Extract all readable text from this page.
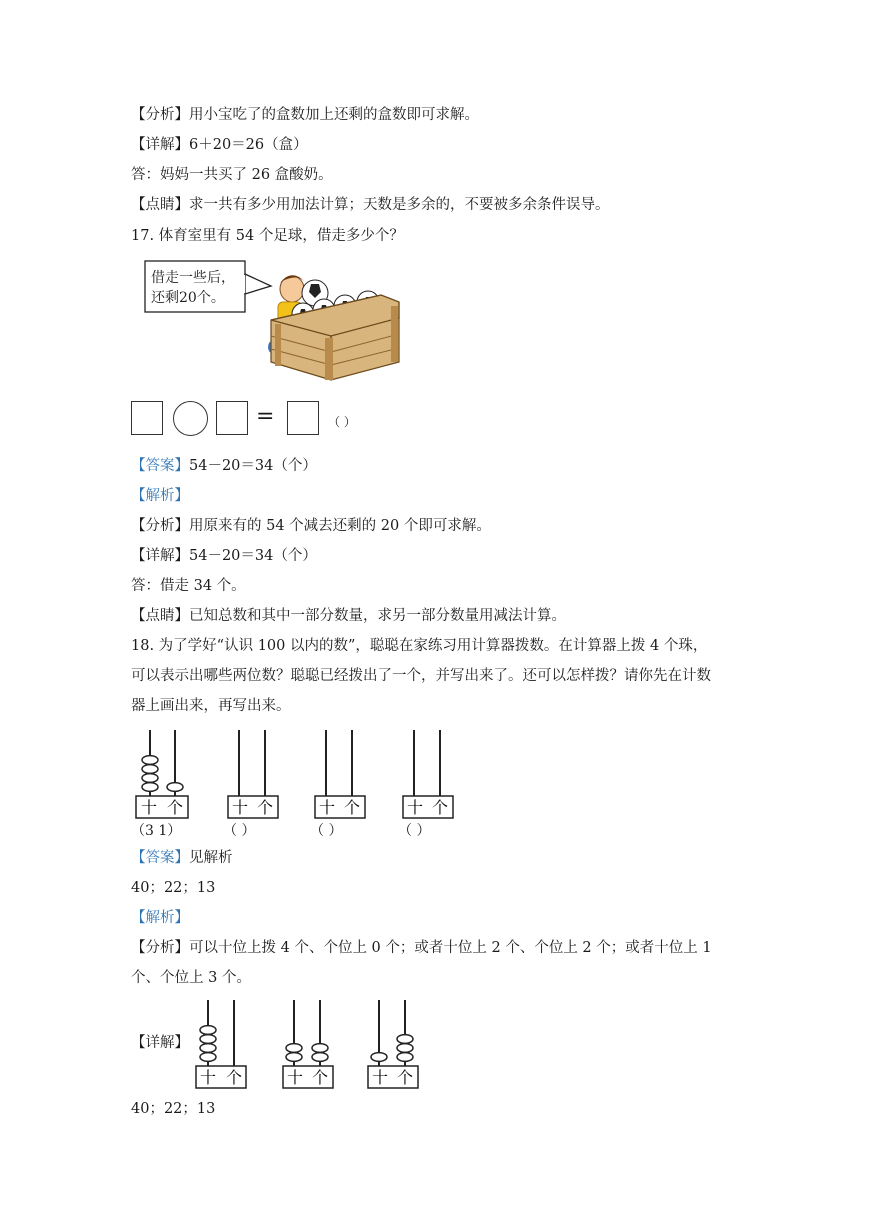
【分析】用小宝吃了的盒数加上还剩的盒数即可求解。
【详解】6＋20＝26（盒）
答：妈妈一共买了 26 盒酸奶。
【点睛】求一共有多少用加法计算；天数是多余的，不要被多余条件误导。
17. 体育室里有 54 个足球，借走多少个？
借走一些后，
还剩20个。
=	（ ）
【答案】54－20＝34（个）
【解析】
【分析】用原来有的 54 个减去还剩的 20 个即可求解。
【详解】54－20＝34（个）
答：借走 34 个。
【点睛】已知总数和其中一部分数量，求另一部分数量用减法计算。
18. 为了学好“认识 100 以内的数”，聪聪在家练习用计算器拨数。在计算器上拨 4 个珠，
可以表示出哪些两位数？聪聪已经拨出了一个，并写出来了。还可以怎样拨？请你先在计数
器上画出来，再写出来。
十 个	十 个	十 个	十 个
（3 1）	（ ）	（ ）	（ ）
【答案】见解析
40；22；13
【解析】
【分析】可以十位上拨 4 个、个位上 0 个；或者十位上 2 个、个位上 2 个；或者十位上 1
个、个位上 3 个。
【详解】
十 个	十 个	十 个
40；22；13
